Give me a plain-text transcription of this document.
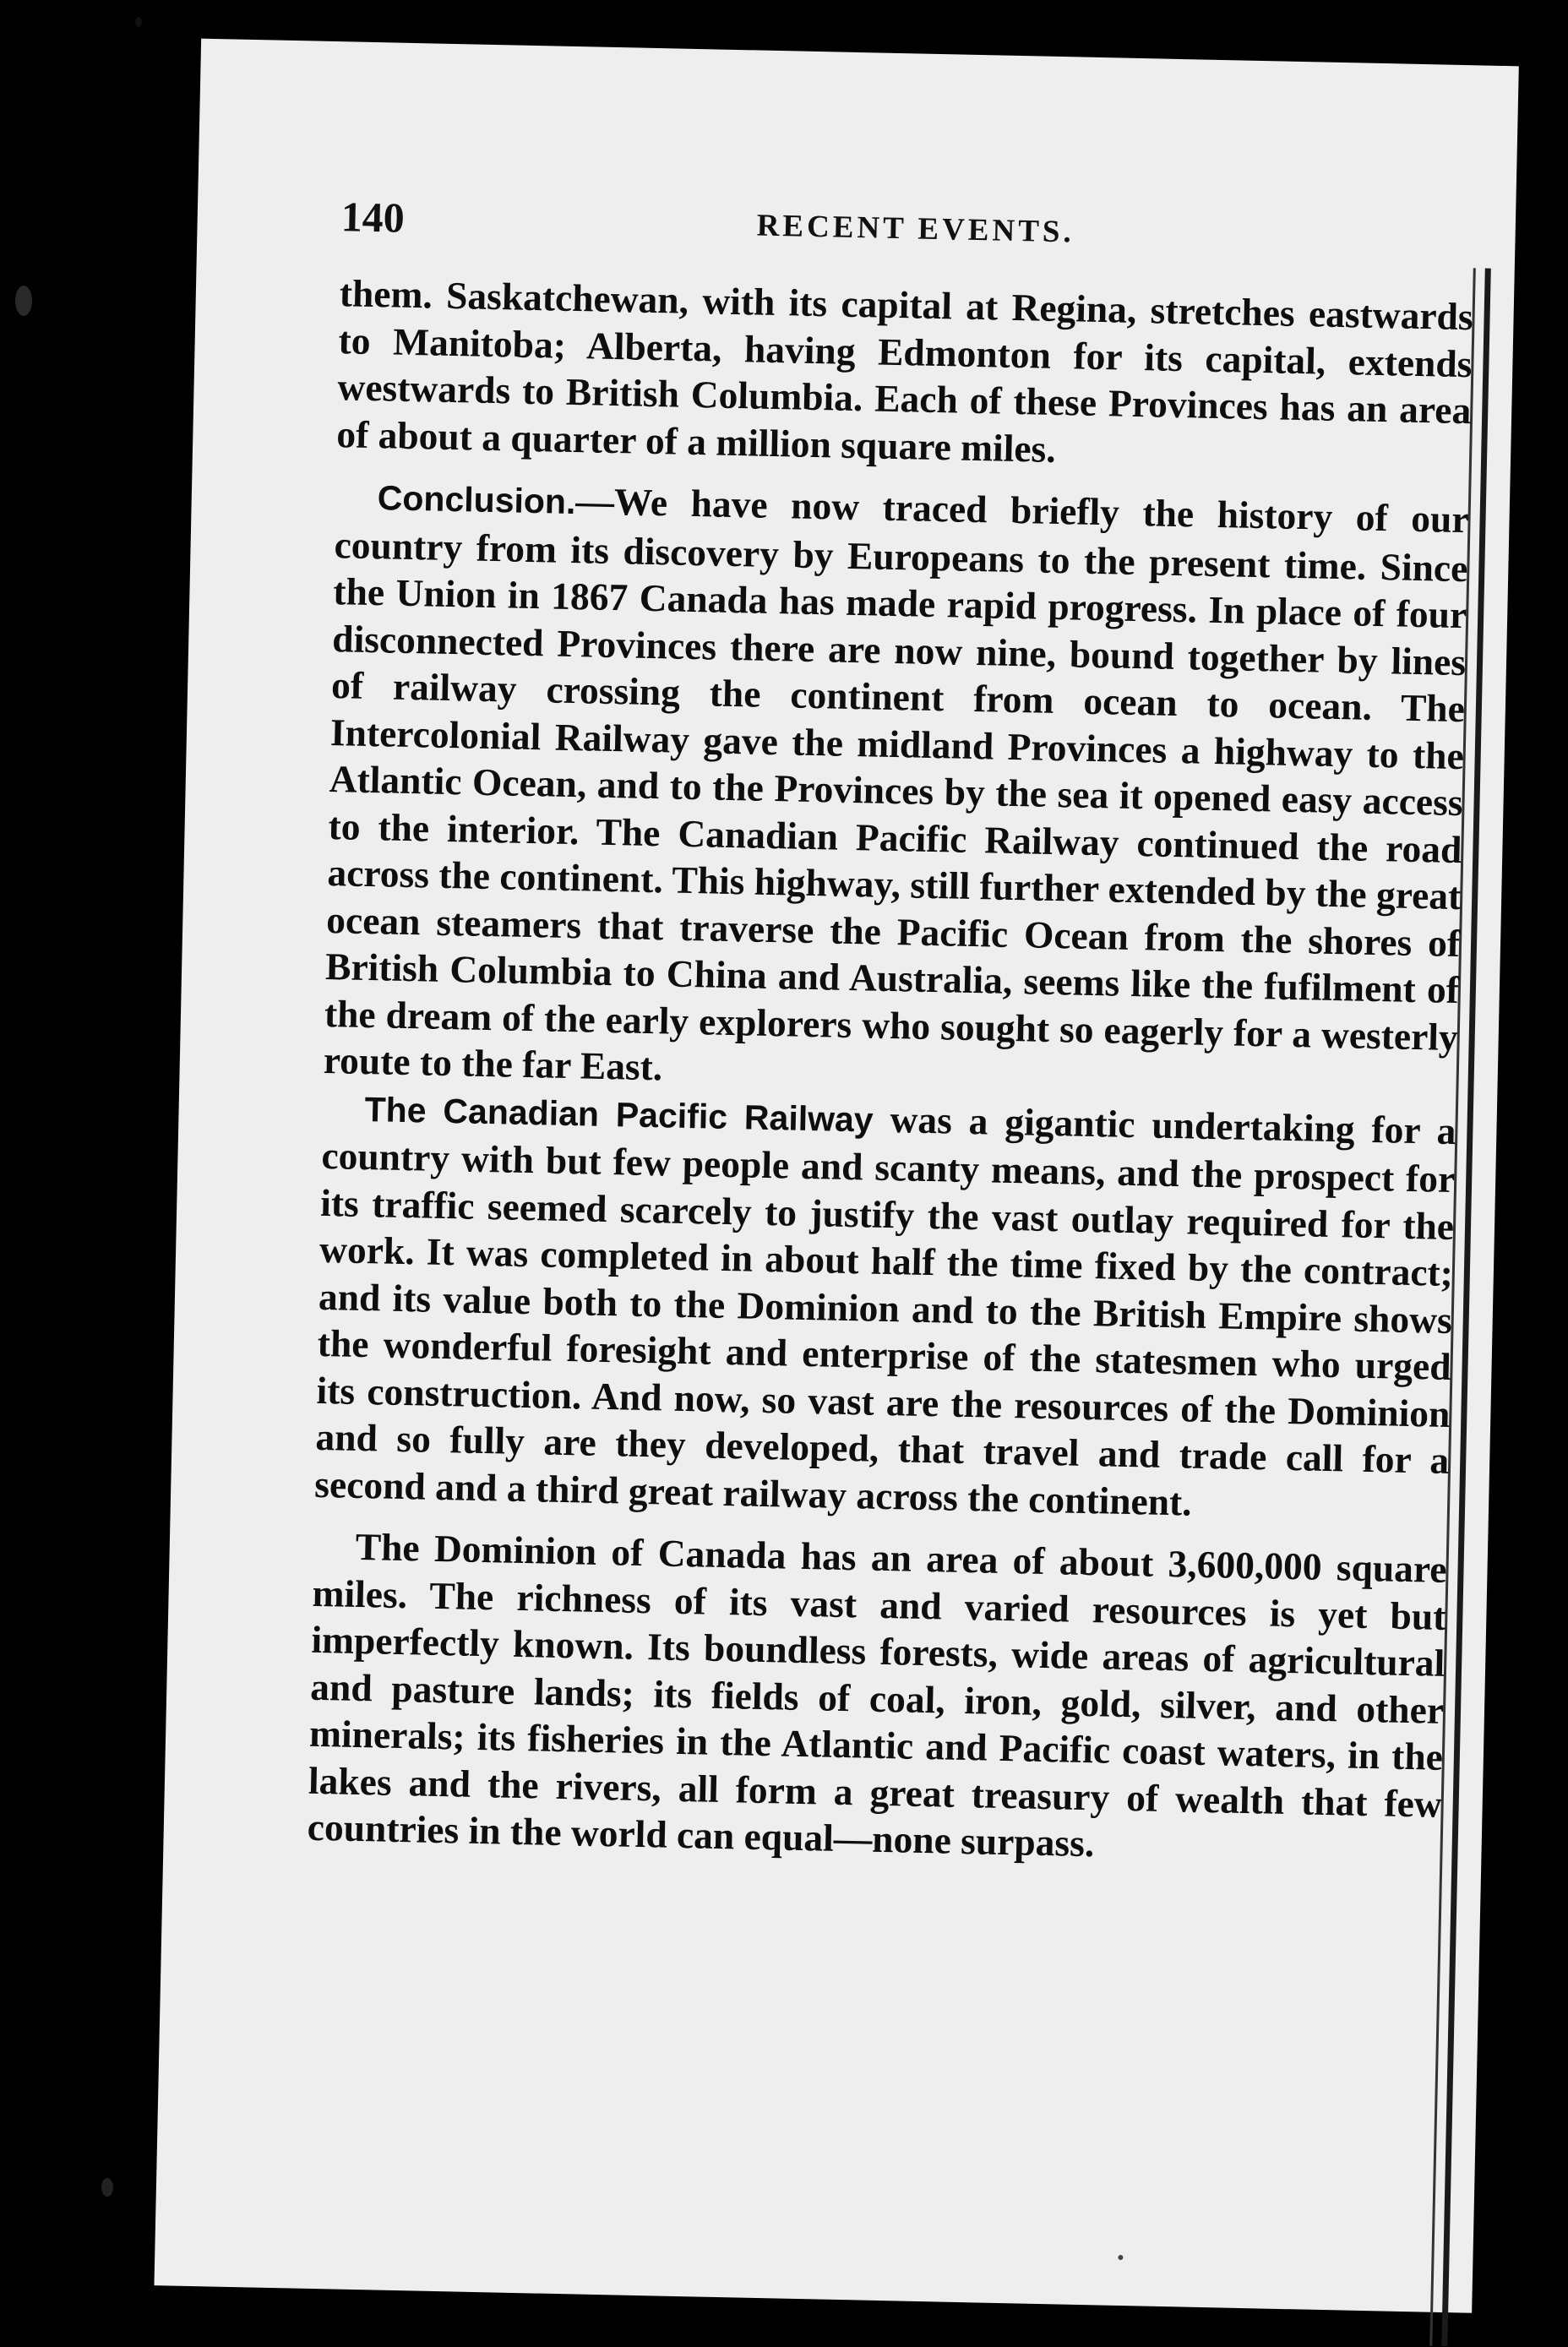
140	RECENT EVENTS.

them. Saskatchewan, with its capital at Regina, stretches eastwards to Manitoba; Alberta, having Edmonton for its capital, extends westwards to British Columbia. Each of these Provinces has an area of about a quarter of a million square miles.

Conclusion.—We have now traced briefly the history of our country from its discovery by Europeans to the present time. Since the Union in 1867 Canada has made rapid progress. In place of four disconnected Provinces there are now nine, bound together by lines of railway crossing the continent from ocean to ocean. The Intercolonial Railway gave the midland Provinces a highway to the Atlantic Ocean, and to the Provinces by the sea it opened easy access to the interior. The Canadian Pacific Railway continued the road across the continent. This highway, still further extended by the great ocean steamers that traverse the Pacific Ocean from the shores of British Columbia to China and Australia, seems like the fufilment of the dream of the early explorers who sought so eagerly for a westerly route to the far East.

The Canadian Pacific Railway was a gigantic undertaking for a country with but few people and scanty means, and the prospect for its traffic seemed scarcely to justify the vast outlay required for the work. It was completed in about half the time fixed by the contract; and its value both to the Dominion and to the British Empire shows the wonderful foresight and enterprise of the statesmen who urged its construction. And now, so vast are the resources of the Dominion and so fully are they developed, that travel and trade call for a second and a third great railway across the continent.

The Dominion of Canada has an area of about 3,600,000 square miles. The richness of its vast and varied resources is yet but imperfectly known. Its boundless forests, wide areas of agricultural and pasture lands; its fields of coal, iron, gold, silver, and other minerals; its fisheries in the Atlantic and Pacific coast waters, in the lakes and the rivers, all form a great treasury of wealth that few countries in the world can equal—none surpass.
